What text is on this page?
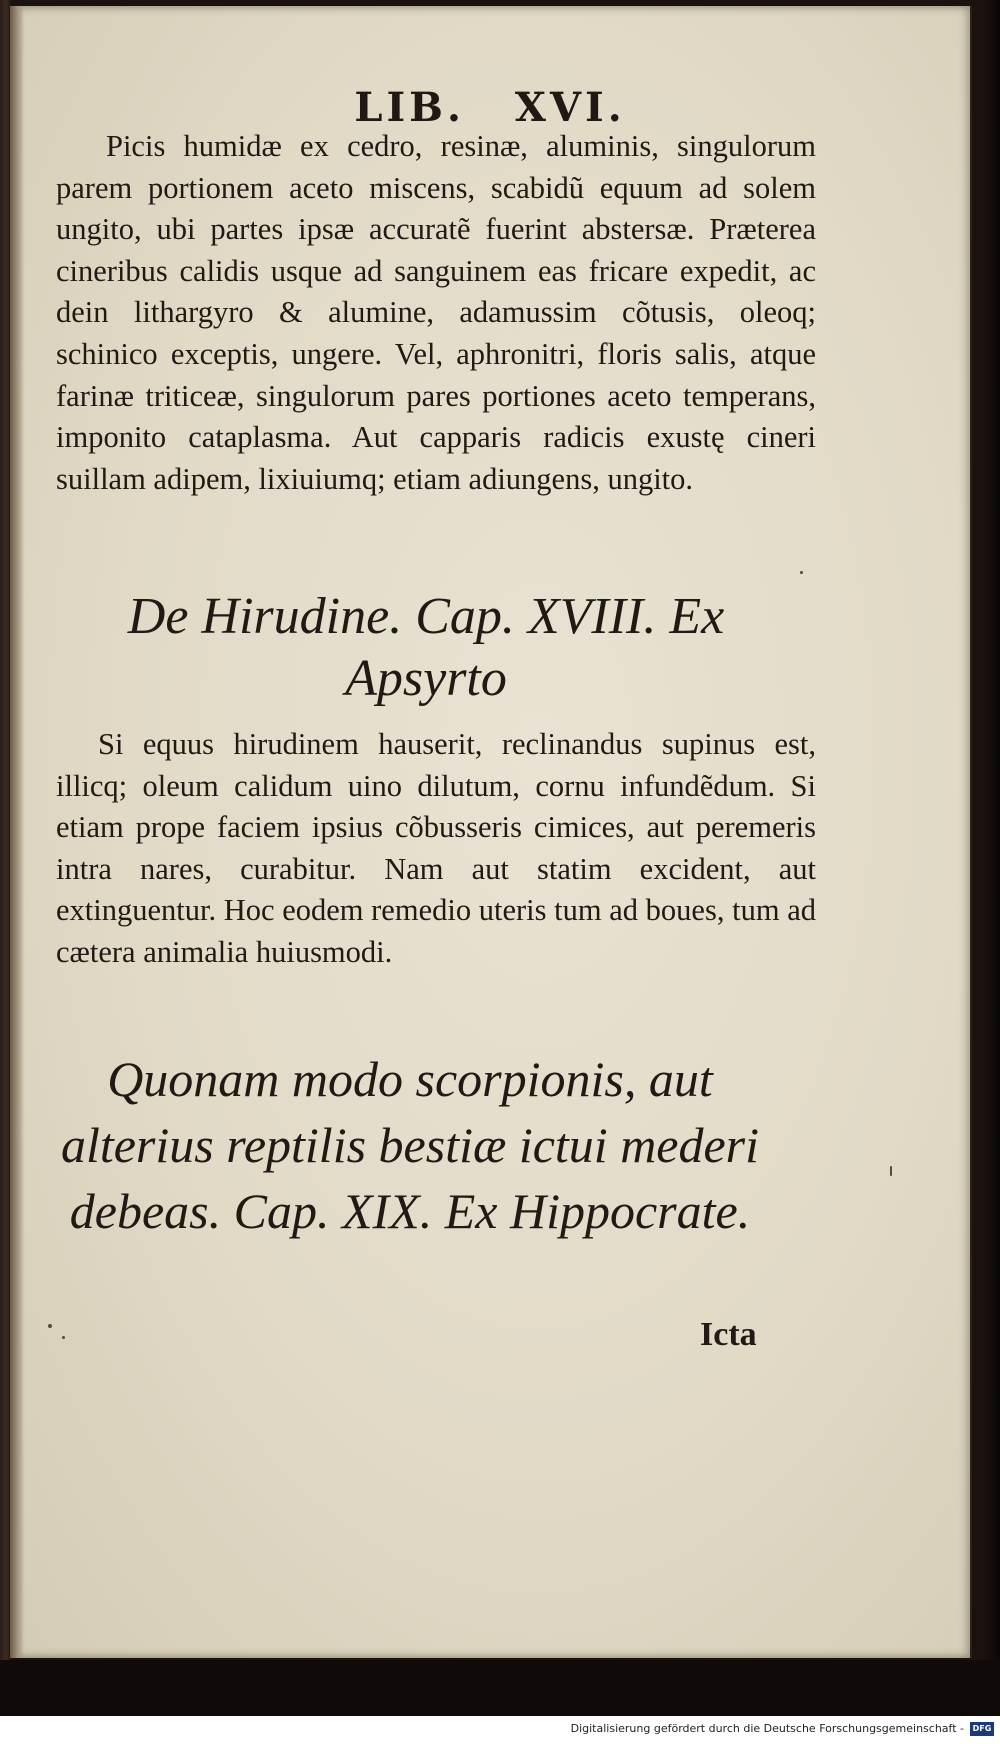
LIB. XVI.
Picis humidæ ex cedro, resinæ, aluminis, singulorum parem portionem aceto miscens, scabidũ equum ad solem ungito, ubi partes ipsæ accuratẽ fuerint abstersæ. Præterea cineribus calidis usque ad sanguinem eas fricare expedit, ac dein lithargyro & alumine, adamussim cõtusis, oleoq; schinico exceptis, ungere. Vel, aphronitri, floris salis, atque farinæ triticeæ, singulorum pares portiones aceto temperans, imponito cataplasma. Aut capparis radicis exustę cineri suillam adipem, lixiuiumq; etiam adiungens, ungito.
De Hirudine. Cap. XVIII. Ex Apsyrto
Si equus hirudinem hauserit, reclinandus supinus est, illicq; oleum calidum uino dilutum, cornu infundẽdum. Si etiam prope faciem ipsius cõbusseris cimices, aut peremeris intra nares, curabitur. Nam aut statim excident, aut extinguentur. Hoc eodem remedio uteris tum ad boues, tum ad cætera animalia huiusmodi.
Quonam modo scorpionis, aut alterius reptilis bestiæ ictui mederi debeas. Cap. XIX. Ex Hippocrate.
Icta
Digitalisierung gefördert durch die Deutsche Forschungsgemeinschaft -	DFG
